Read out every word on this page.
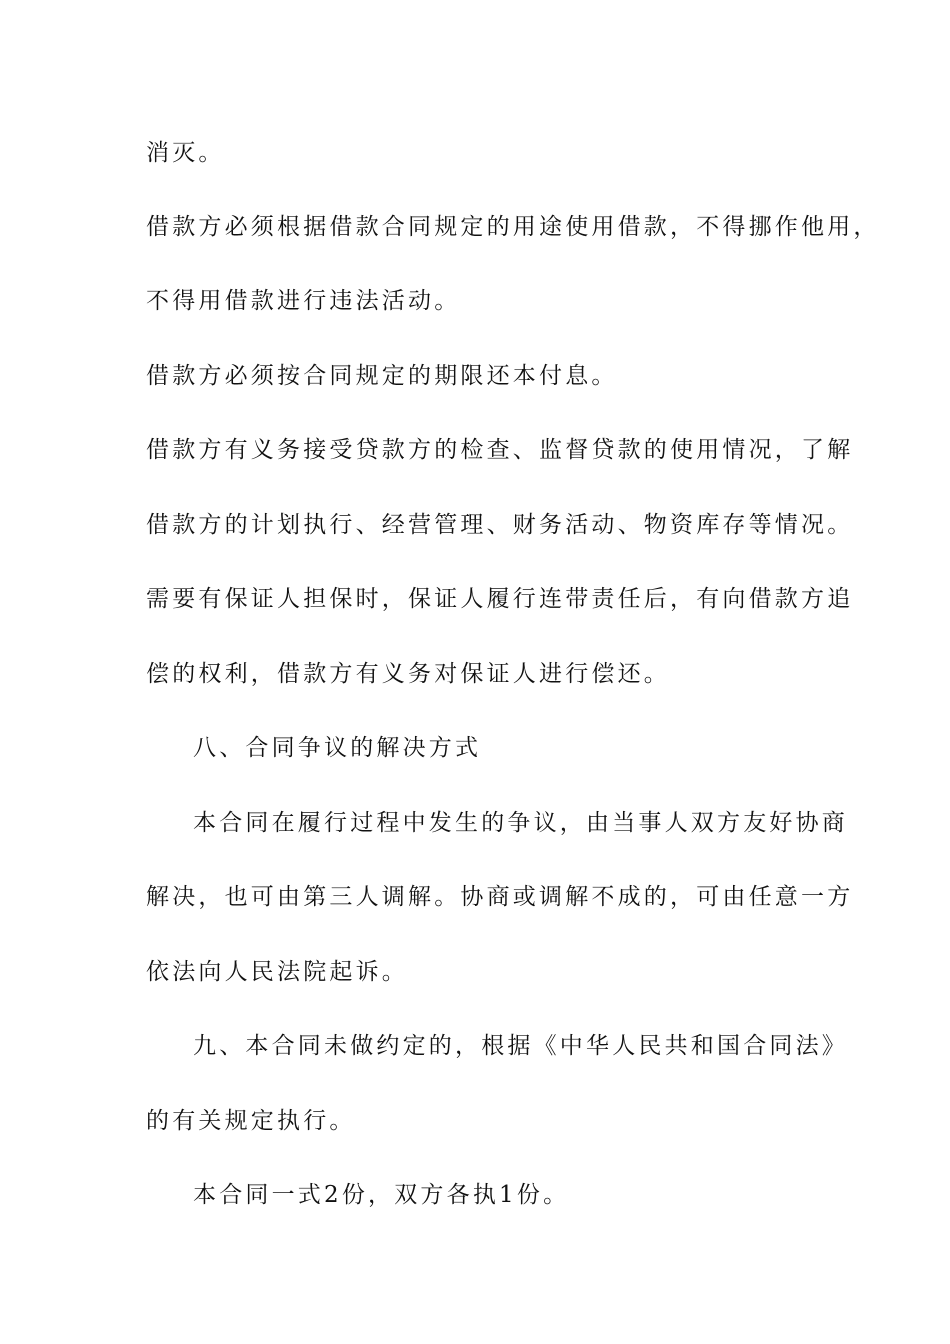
消灭。
借款方必须根据借款合同规定的用途使用借款，不得挪作他用，
不得用借款进行违法活动。
借款方必须按合同规定的期限还本付息。
借款方有义务接受贷款方的检查、监督贷款的使用情况，了解
借款方的计划执行、经营管理、财务活动、物资库存等情况。
需要有保证人担保时，保证人履行连带责任后，有向借款方追
偿的权利，借款方有义务对保证人进行偿还。
八、合同争议的解决方式
本合同在履行过程中发生的争议，由当事人双方友好协商
解决，也可由第三人调解。协商或调解不成的，可由任意一方
依法向人民法院起诉。
九、本合同未做约定的，根据《中华人民共和国合同法》
的有关规定执行。
本合同一式2份，双方各执1份。
